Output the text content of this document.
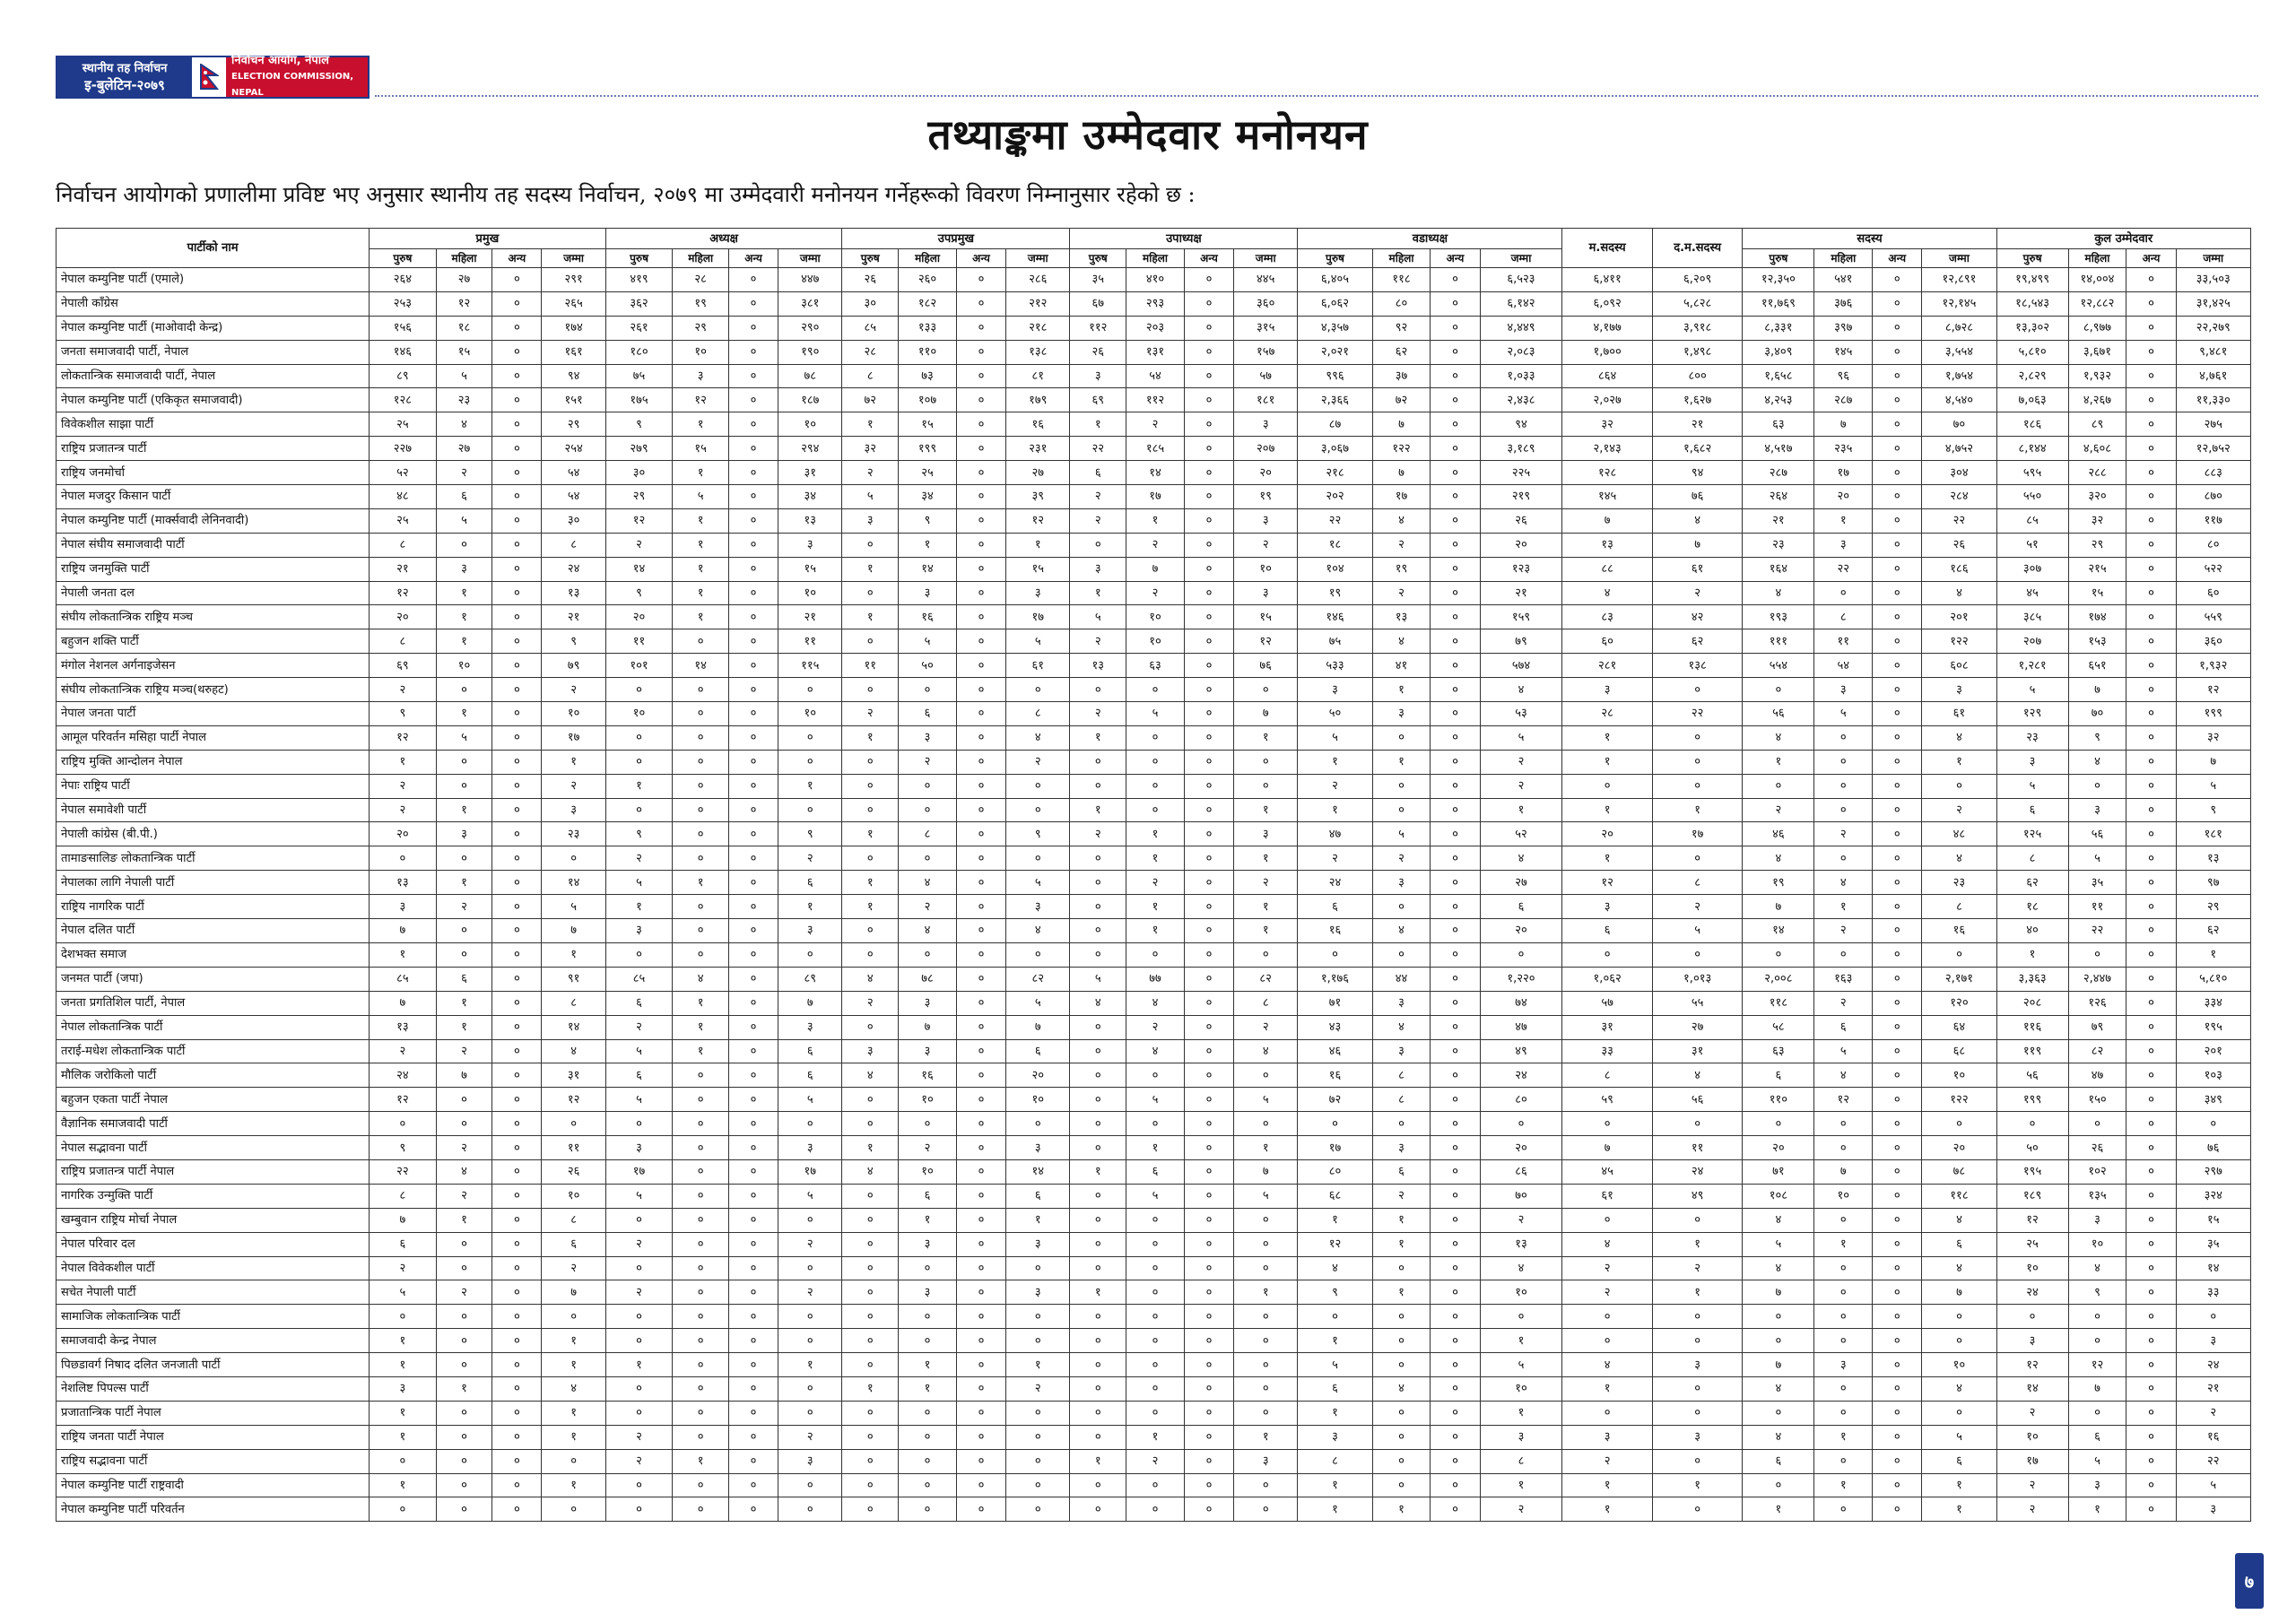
स्थानीय तह निर्वाचन
इ-बुलेटिन-२०७९
निर्वाचन आयोग, नेपाल
ELECTION COMMISSION, NEPAL
तथ्याङ्कमा उम्मेदवार मनोनयन
निर्वाचन आयोगको प्रणालीमा प्रविष्ट भए अनुसार स्थानीय तह सदस्य निर्वाचन, २०७९ मा उम्मेदवारी मनोनयन गर्नेहरूको विवरण निम्नानुसार रहेको छ :
पार्टीको नाम	प्रमुख				अध्यक्ष				उपप्रमुख				उपाध्यक्ष				वडाध्यक्ष				म.सदस्य	द.म.सदस्य	सदस्य				कुल उम्मेदवार			
	पुरुष	महिला	अन्य	जम्मा	पुरुष	महिला	अन्य	जम्मा	पुरुष	महिला	अन्य	जम्मा	पुरुष	महिला	अन्य	जम्मा	पुरुष	महिला	अन्य	जम्मा			पुरुष	महिला	अन्य	जम्मा	पुरुष	महिला	अन्य	जम्मा
नेपाल कम्युनिष्ट पार्टी (एमाले)	२६४	२७	०	२९१	४१९	२८	०	४४७	२६	२६०	०	२८६	३५	४१०	०	४४५	६,४०५	११८	०	६,५२३	६,४११	६,२०९	१२,३५०	५४१	०	१२,८९१	१९,४९९	१४,००४	०	३३,५०३
नेपाली काँग्रेस	२५३	१२	०	२६५	३६२	१९	०	३८१	३०	१८२	०	२१२	६७	२९३	०	३६०	६,०६२	८०	०	६,१४२	६,०९२	५,८२८	११,७६९	३७६	०	१२,१४५	१८,५४३	१२,८८२	०	३१,४२५
नेपाल कम्युनिष्ट पार्टी (माओवादी केन्द्र)	१५६	१८	०	१७४	२६१	२९	०	२९०	८५	१३३	०	२१८	११२	२०३	०	३१५	४,३५७	९२	०	४,४४९	४,१७७	३,९१८	८,३३१	३९७	०	८,७२८	१३,३०२	८,९७७	०	२२,२७९
जनता समाजवादी पार्टी, नेपाल	१४६	१५	०	१६१	१८०	१०	०	१९०	२८	११०	०	१३८	२६	१३१	०	१५७	२,०२१	६२	०	२,०८३	१,७००	१,४९८	३,४०९	१४५	०	३,५५४	५,८१०	३,६७१	०	९,४८१
लोकतान्त्रिक समाजवादी पार्टी, नेपाल	८९	५	०	९४	७५	३	०	७८	८	७३	०	८१	३	५४	०	५७	९९६	३७	०	१,०३३	८६४	८००	१,६५८	९६	०	१,७५४	२,८२९	१,९३२	०	४,७६१
नेपाल कम्युनिष्ट पार्टी (एकिकृत समाजवादी)	१२८	२३	०	१५१	१७५	१२	०	१८७	७२	१०७	०	१७९	६९	११२	०	१८१	२,३६६	७२	०	२,४३८	२,०२७	१,६२७	४,२५३	२८७	०	४,५४०	७,०६३	४,२६७	०	११,३३०
विवेकशील साझा पार्टी	२५	४	०	२९	९	१	०	१०	१	१५	०	१६	१	२	०	३	८७	७	०	९४	३२	२१	६३	७	०	७०	१८६	८९	०	२७५
राष्ट्रिय प्रजातन्त्र पार्टी	२२७	२७	०	२५४	२७९	१५	०	२९४	३२	१९९	०	२३१	२२	१८५	०	२०७	३,०६७	१२२	०	३,१८९	२,१४३	१,६८२	४,५१७	२३५	०	४,७५२	८,१४४	४,६०८	०	१२,७५२
राष्ट्रिय जनमोर्चा	५२	२	०	५४	३०	१	०	३१	२	२५	०	२७	६	१४	०	२०	२१८	७	०	२२५	१२८	९४	२८७	१७	०	३०४	५९५	२८८	०	८८३
नेपाल मजदुर किसान पार्टी	४८	६	०	५४	२९	५	०	३४	५	३४	०	३९	२	१७	०	१९	२०२	१७	०	२१९	१४५	७६	२६४	२०	०	२८४	५५०	३२०	०	८७०
नेपाल कम्युनिष्ट पार्टी (मार्क्सवादी लेनिनवादी)	२५	५	०	३०	१२	१	०	१३	३	९	०	१२	२	१	०	३	२२	४	०	२६	७	४	२१	१	०	२२	८५	३२	०	११७
नेपाल संघीय समाजवादी पार्टी	८	०	०	८	२	१	०	३	०	१	०	१	०	२	०	२	१८	२	०	२०	१३	७	२३	३	०	२६	५१	२९	०	८०
राष्ट्रिय जनमुक्ति पार्टी	२१	३	०	२४	१४	१	०	१५	१	१४	०	१५	३	७	०	१०	१०४	१९	०	१२३	८८	६१	१६४	२२	०	१८६	३०७	२१५	०	५२२
नेपाली जनता दल	१२	१	०	१३	९	१	०	१०	०	३	०	३	१	२	०	३	१९	२	०	२१	४	२	४	०	०	४	४५	१५	०	६०
संघीय लोकतान्त्रिक राष्ट्रिय मञ्च	२०	१	०	२१	२०	१	०	२१	१	१६	०	१७	५	१०	०	१५	१४६	१३	०	१५९	८३	४२	१९३	८	०	२०१	३८५	१७४	०	५५९
बहुजन शक्ति पार्टी	८	१	०	९	११	०	०	११	०	५	०	५	२	१०	०	१२	७५	४	०	७९	६०	६२	१११	११	०	१२२	२०७	१५३	०	३६०
मंगोल नेशनल अर्गनाइजेसन	६९	१०	०	७९	१०१	१४	०	११५	११	५०	०	६१	१३	६३	०	७६	५३३	४१	०	५७४	२८१	१३८	५५४	५४	०	६०८	१,२८१	६५१	०	१,९३२
संघीय लोकतान्त्रिक राष्ट्रिय मञ्च(थरुहट)	२	०	०	२	०	०	०	०	०	०	०	०	०	०	०	०	३	१	०	४	३	०	०	३	०	३	५	७	०	१२
नेपाल जनता पार्टी	९	१	०	१०	१०	०	०	१०	२	६	०	८	२	५	०	७	५०	३	०	५३	२८	२२	५६	५	०	६१	१२९	७०	०	१९९
आमूल परिवर्तन मसिहा पार्टी नेपाल	१२	५	०	१७	०	०	०	०	१	३	०	४	१	०	०	१	५	०	०	५	१	०	४	०	०	४	२३	९	०	३२
राष्ट्रिय मुक्ति आन्दोलन नेपाल	१	०	०	१	०	०	०	०	०	२	०	२	०	०	०	०	१	१	०	२	१	०	१	०	०	१	३	४	०	७
नेपाः राष्ट्रिय पार्टी	२	०	०	२	१	०	०	१	०	०	०	०	०	०	०	०	२	०	०	२	०	०	०	०	०	०	५	०	०	५
नेपाल समावेशी पार्टी	२	१	०	३	०	०	०	०	०	०	०	०	१	०	०	१	१	०	०	१	१	१	२	०	०	२	६	३	०	९
नेपाली कांग्रेस (बी.पी.)	२०	३	०	२३	९	०	०	९	१	८	०	९	२	१	०	३	४७	५	०	५२	२०	१७	४६	२	०	४८	१२५	५६	०	१८१
तामाङसालिङ लोकतान्त्रिक पार्टी	०	०	०	०	२	०	०	२	०	०	०	०	०	१	०	१	२	२	०	४	१	०	४	०	०	४	८	५	०	१३
नेपालका लागि नेपाली पार्टी	१३	१	०	१४	५	१	०	६	१	४	०	५	०	२	०	२	२४	३	०	२७	१२	८	१९	४	०	२३	६२	३५	०	९७
राष्ट्रिय नागरिक पार्टी	३	२	०	५	१	०	०	१	१	२	०	३	०	१	०	१	६	०	०	६	३	२	७	१	०	८	१८	११	०	२९
नेपाल दलित पार्टी	७	०	०	७	३	०	०	३	०	४	०	४	०	१	०	१	१६	४	०	२०	६	५	१४	२	०	१६	४०	२२	०	६२
देशभक्त समाज	१	०	०	१	०	०	०	०	०	०	०	०	०	०	०	०	०	०	०	०	०	०	०	०	०	०	१	०	०	१
जनमत पार्टी (जपा)	८५	६	०	९१	८५	४	०	८९	४	७८	०	८२	५	७७	०	८२	१,१७६	४४	०	१,२२०	१,०६२	१,०१३	२,००८	१६३	०	२,१७१	३,३६३	२,४४७	०	५,८१०
जनता प्रगतिशिल पार्टी, नेपाल	७	१	०	८	६	१	०	७	२	३	०	५	४	४	०	८	७१	३	०	७४	५७	५५	११८	२	०	१२०	२०८	१२६	०	३३४
नेपाल लोकतान्त्रिक पार्टी	१३	१	०	१४	२	१	०	३	०	७	०	७	०	२	०	२	४३	४	०	४७	३१	२७	५८	६	०	६४	११६	७९	०	१९५
तराई-मधेश लोकतान्त्रिक पार्टी	२	२	०	४	५	१	०	६	३	३	०	६	०	४	०	४	४६	३	०	४९	३३	३१	६३	५	०	६८	११९	८२	०	२०१
मौलिक जरोकिलो पार्टी	२४	७	०	३१	६	०	०	६	४	१६	०	२०	०	०	०	०	१६	८	०	२४	८	४	६	४	०	१०	५६	४७	०	१०३
बहुजन एकता पार्टी नेपाल	१२	०	०	१२	५	०	०	५	०	१०	०	१०	०	५	०	५	७२	८	०	८०	५९	५६	११०	१२	०	१२२	१९९	१५०	०	३४९
वैज्ञानिक समाजवादी पार्टी	०	०	०	०	०	०	०	०	०	०	०	०	०	०	०	०	०	०	०	०	०	०	०	०	०	०	०	०	०	०
नेपाल सद्भावना पार्टी	९	२	०	११	३	०	०	३	१	२	०	३	०	१	०	१	१७	३	०	२०	७	११	२०	०	०	२०	५०	२६	०	७६
राष्ट्रिय प्रजातन्त्र पार्टी नेपाल	२२	४	०	२६	१७	०	०	१७	४	१०	०	१४	१	६	०	७	८०	६	०	८६	४५	२४	७१	७	०	७८	१९५	१०२	०	२९७
नागरिक उन्मुक्ति पार्टी	८	२	०	१०	५	०	०	५	०	६	०	६	०	५	०	५	६८	२	०	७०	६१	४९	१०८	१०	०	११८	१८९	१३५	०	३२४
खम्बुवान राष्ट्रिय मोर्चा नेपाल	७	१	०	८	०	०	०	०	०	१	०	१	०	०	०	०	१	१	०	२	०	०	४	०	०	४	१२	३	०	१५
नेपाल परिवार दल	६	०	०	६	२	०	०	२	०	३	०	३	०	०	०	०	१२	१	०	१३	४	१	५	१	०	६	२५	१०	०	३५
नेपाल विवेकशील पार्टी	२	०	०	२	०	०	०	०	०	०	०	०	०	०	०	०	४	०	०	४	२	२	४	०	०	४	१०	४	०	१४
सचेत नेपाली पार्टी	५	२	०	७	२	०	०	२	०	३	०	३	१	०	०	१	९	१	०	१०	२	१	७	०	०	७	२४	९	०	३३
सामाजिक लोकतान्त्रिक पार्टी	०	०	०	०	०	०	०	०	०	०	०	०	०	०	०	०	०	०	०	०	०	०	०	०	०	०	०	०	०	०
समाजवादी केन्द्र नेपाल	१	०	०	१	०	०	०	०	०	०	०	०	०	०	०	०	१	०	०	१	०	०	०	०	०	०	३	०	०	३
पिछडावर्ग निषाद दलित जनजाती पार्टी	१	०	०	१	१	०	०	१	०	१	०	१	०	०	०	०	५	०	०	५	४	३	७	३	०	१०	१२	१२	०	२४
नेशलिष्ट पिपल्स पार्टी	३	१	०	४	०	०	०	०	१	१	०	२	०	०	०	०	६	४	०	१०	१	०	४	०	०	४	१४	७	०	२१
प्रजातान्त्रिक पार्टी नेपाल	१	०	०	१	०	०	०	०	०	०	०	०	०	०	०	०	१	०	०	१	०	०	०	०	०	०	२	०	०	२
राष्ट्रिय जनता पार्टी नेपाल	१	०	०	१	२	०	०	२	०	०	०	०	०	१	०	१	३	०	०	३	३	३	४	१	०	५	१०	६	०	१६
राष्ट्रिय सद्भावना पार्टी	०	०	०	०	२	१	०	३	०	०	०	०	१	२	०	३	८	०	०	८	२	०	६	०	०	६	१७	५	०	२२
नेपाल कम्युनिष्ट पार्टी राष्ट्रवादी	१	०	०	१	०	०	०	०	०	०	०	०	०	०	०	०	१	०	०	१	१	१	०	१	०	१	२	३	०	५
नेपाल कम्युनिष्ट पार्टी परिवर्तन	०	०	०	०	०	०	०	०	०	०	०	०	०	०	०	०	१	१	०	२	१	०	१	०	०	१	२	१	०	३
७
